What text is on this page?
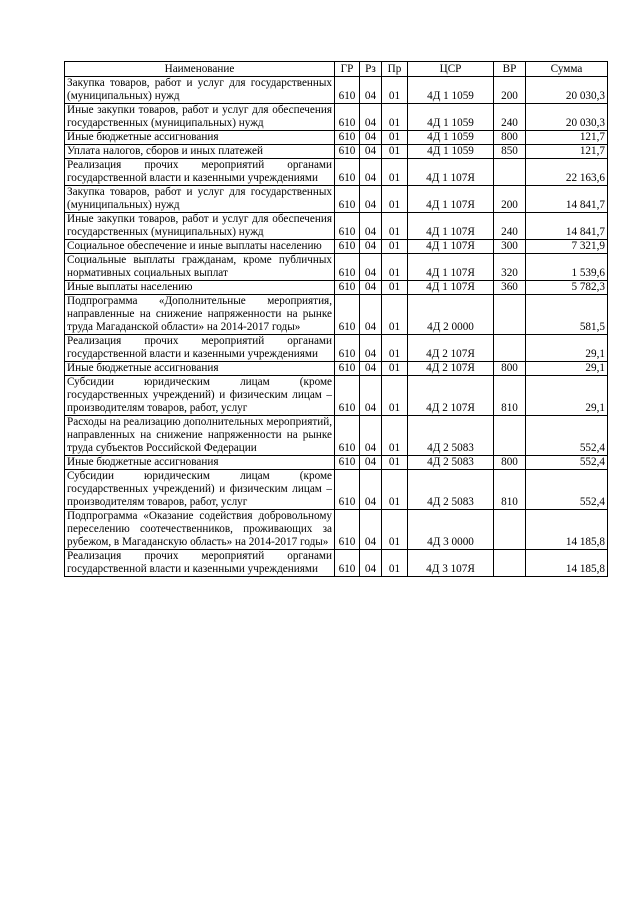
Наименование	ГР	Рз	Пр	ЦСР	ВР	Сумма
Закупка товаров, работ и услуг для государственных (муниципальных) нужд	610	04	01	4Д 1 1059	200	20 030,3
Иные закупки товаров, работ и услуг для обеспечения государственных (муниципальных) нужд	610	04	01	4Д 1 1059	240	20 030,3
Иные бюджетные ассигнования	610	04	01	4Д 1 1059	800	121,7
Уплата налогов, сборов и иных платежей	610	04	01	4Д 1 1059	850	121,7
Реализация прочих мероприятий органами государственной власти и казенными учреждениями	610	04	01	4Д 1 107Я		22 163,6
Закупка товаров, работ и услуг для государственных (муниципальных) нужд	610	04	01	4Д 1 107Я	200	14 841,7
Иные закупки товаров, работ и услуг для обеспечения государственных (муниципальных) нужд	610	04	01	4Д 1 107Я	240	14 841,7
Социальное обеспечение и иные выплаты населению	610	04	01	4Д 1 107Я	300	7 321,9
Социальные выплаты гражданам, кроме публичных нормативных социальных выплат	610	04	01	4Д 1 107Я	320	1 539,6
Иные выплаты населению	610	04	01	4Д 1 107Я	360	5 782,3
Подпрограмма «Дополнительные мероприятия, направленные на снижение напряженности на рынке труда Магаданской области» на 2014-2017 годы»	610	04	01	4Д 2 0000		581,5
Реализация прочих мероприятий органами государственной власти и казенными учреждениями	610	04	01	4Д 2 107Я		29,1
Иные бюджетные ассигнования	610	04	01	4Д 2 107Я	800	29,1
Субсидии юридическим лицам (кроме государственных учреждений) и физическим лицам – производителям товаров, работ, услуг	610	04	01	4Д 2 107Я	810	29,1
Расходы на реализацию дополнительных мероприятий, направленных на снижение напряженности на рынке труда субъектов Российской Федерации	610	04	01	4Д 2 5083		552,4
Иные бюджетные ассигнования	610	04	01	4Д 2 5083	800	552,4
Субсидии юридическим лицам (кроме государственных учреждений) и физическим лицам – производителям товаров, работ, услуг	610	04	01	4Д 2 5083	810	552,4
Подпрограмма «Оказание содействия добровольному переселению соотечественников, проживающих за рубежом, в Магаданскую область» на 2014-2017 годы»	610	04	01	4Д 3 0000		14 185,8
Реализация прочих мероприятий органами государственной власти и казенными учреждениями	610	04	01	4Д 3 107Я		14 185,8
